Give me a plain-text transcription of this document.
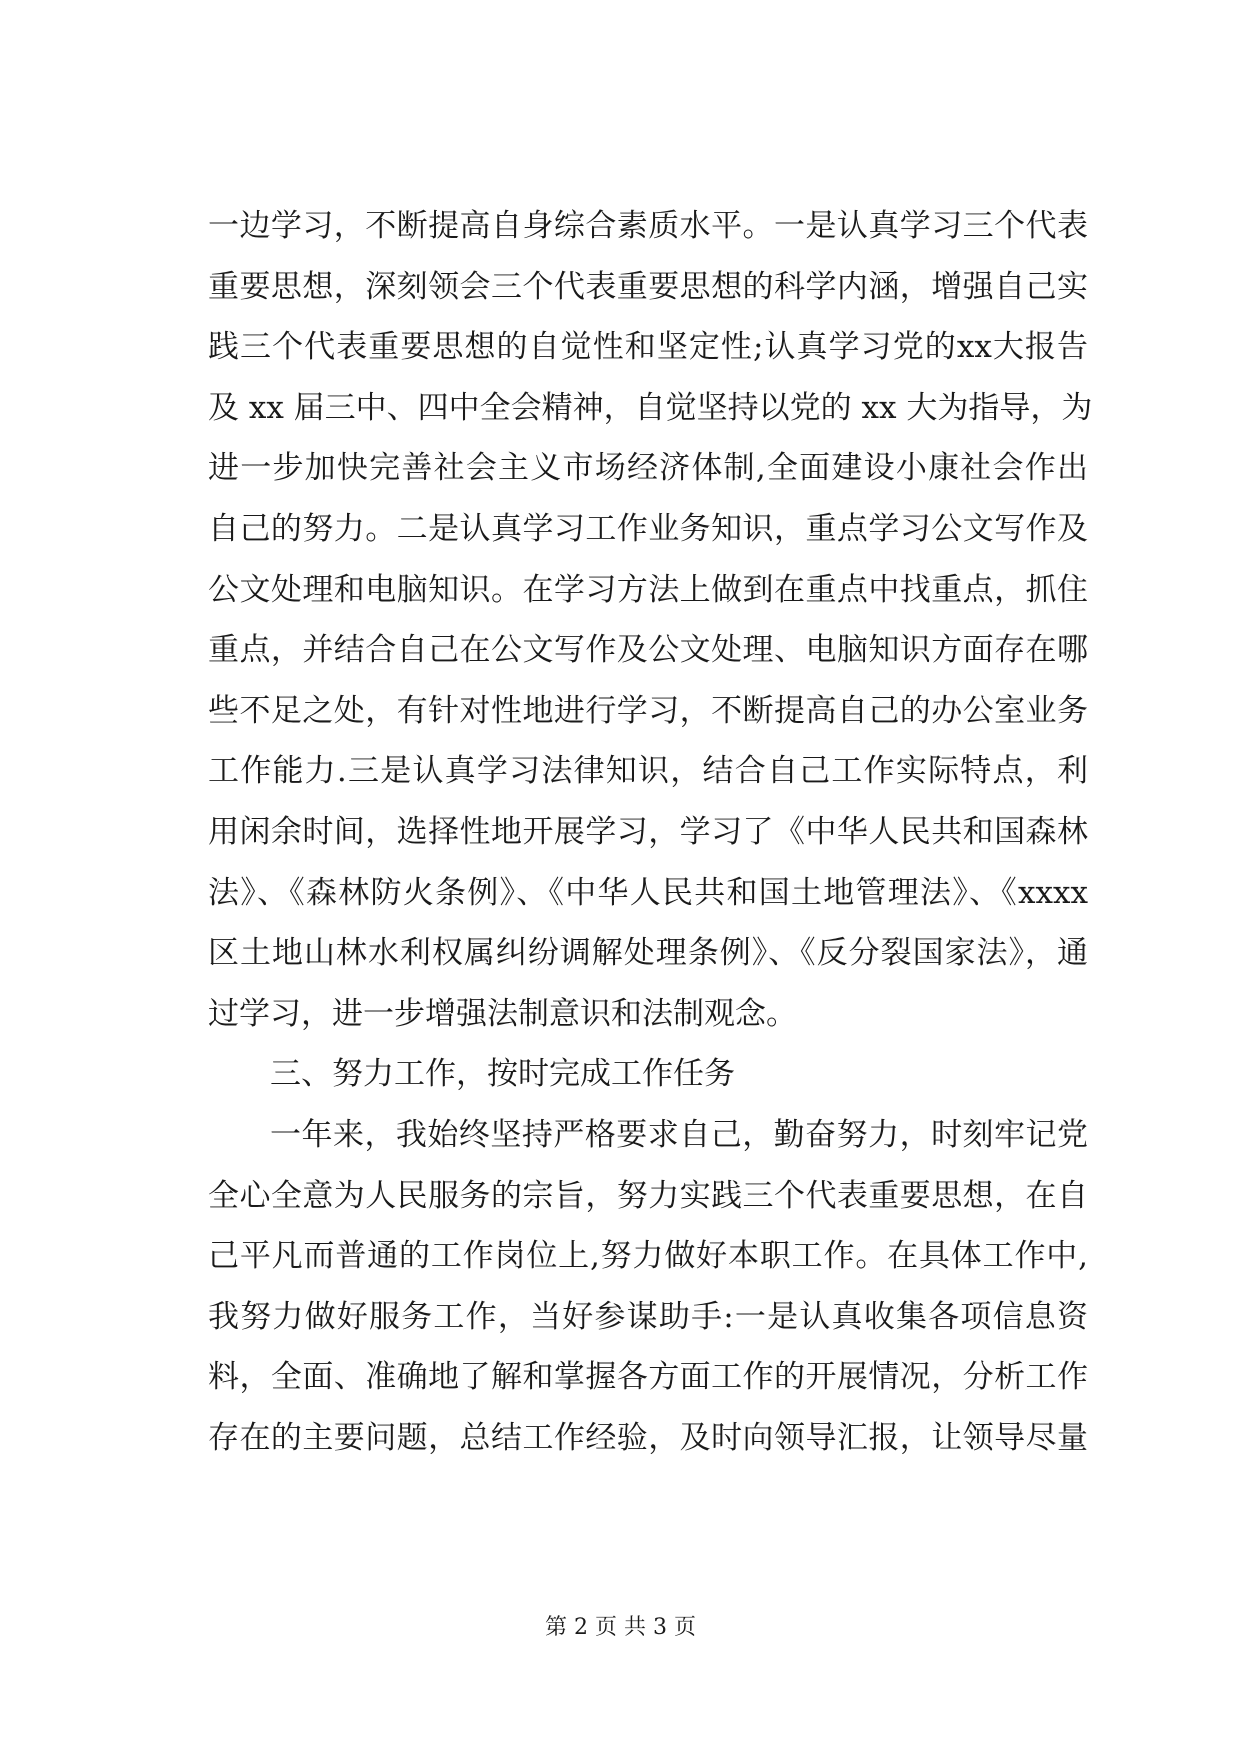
一边学习，不断提高自身综合素质水平。一是认真学习三个代表
重要思想，深刻领会三个代表重要思想的科学内涵，增强自己实
践三个代表重要思想的自觉性和坚定性;认真学习党的xx大报告
及 xx 届三中、四中全会精神，自觉坚持以党的 xx 大为指导，为
进一步加快完善社会主义市场经济体制,全面建设小康社会作出
自己的努力。二是认真学习工作业务知识，重点学习公文写作及
公文处理和电脑知识。在学习方法上做到在重点中找重点，抓住
重点，并结合自己在公文写作及公文处理、电脑知识方面存在哪
些不足之处，有针对性地进行学习，不断提高自己的办公室业务
工作能力.三是认真学习法律知识，结合自己工作实际特点，利
用闲余时间，选择性地开展学习，学习了《中华人民共和国森林
法》、《森林防火条例》、《中华人民共和国土地管理法》、《xxxx
区土地山林水利权属纠纷调解处理条例》、《反分裂国家法》，通
过学习，进一步增强法制意识和法制观念。
三、努力工作，按时完成工作任务
一年来，我始终坚持严格要求自己，勤奋努力，时刻牢记党
全心全意为人民服务的宗旨，努力实践三个代表重要思想，在自
己平凡而普通的工作岗位上,努力做好本职工作。在具体工作中,
我努力做好服务工作，当好参谋助手:一是认真收集各项信息资
料，全面、准确地了解和掌握各方面工作的开展情况，分析工作
存在的主要问题，总结工作经验，及时向领导汇报，让领导尽量
第 2 页 共 3 页
